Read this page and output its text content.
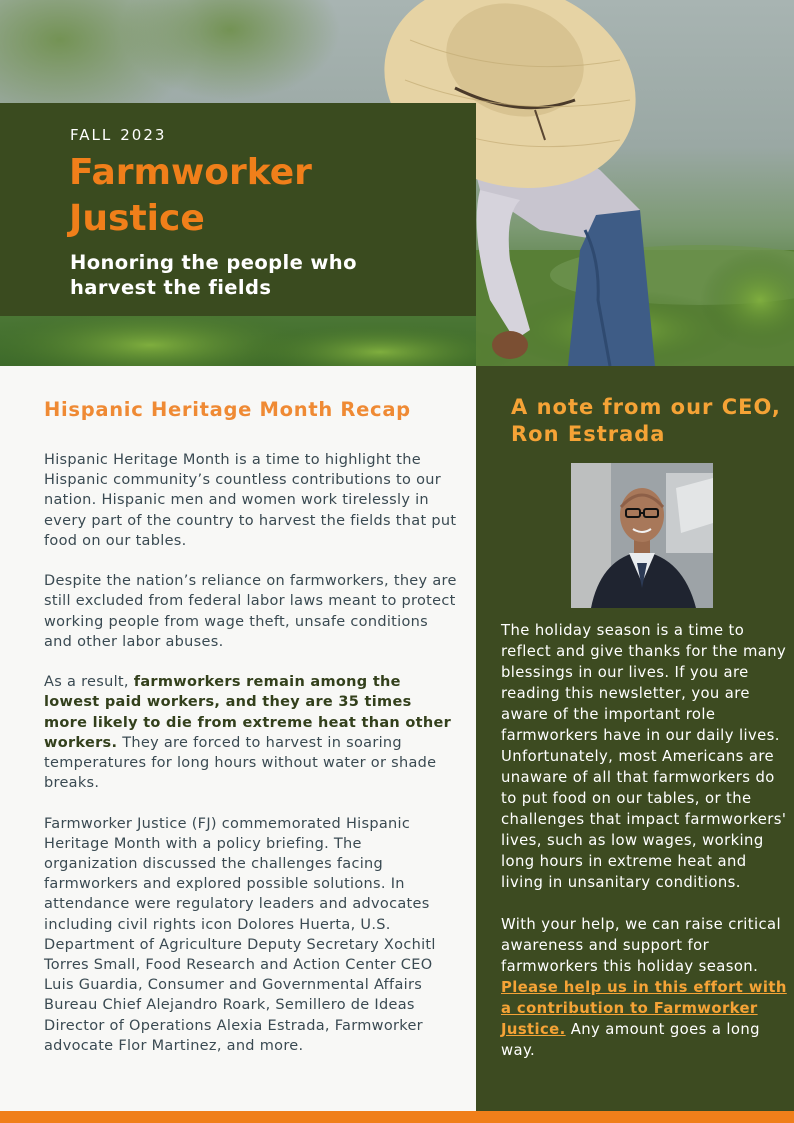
FALL 2023
Farmworker Justice
Honoring the people who harvest the fields
Hispanic Heritage Month Recap

Hispanic Heritage Month is a time to highlight the Hispanic community’s countless contributions to our nation. Hispanic men and women work tirelessly in every part of the country to harvest the fields that put food on our tables.

Despite the nation’s reliance on farmworkers, they are still excluded from federal labor laws meant to protect working people from wage theft, unsafe conditions and other labor abuses.

As a result, farmworkers remain among the lowest paid workers, and they are 35 times more likely to die from extreme heat than other workers. They are forced to harvest in soaring temperatures for long hours without water or shade breaks.

Farmworker Justice (FJ) commemorated Hispanic Heritage Month with a policy briefing. The organization discussed the challenges facing farmworkers and explored possible solutions. In attendance were regulatory leaders and advocates including civil rights icon Dolores Huerta, U.S. Department of Agriculture Deputy Secretary Xochitl Torres Small, Food Research and Action Center CEO Luis Guardia, Consumer and Governmental Affairs Bureau Chief Alejandro Roark, Semillero de Ideas Director of Operations Alexia Estrada, Farmworker advocate Flor Martinez, and more.

A note from our CEO, Ron Estrada

The holiday season is a time to reflect and give thanks for the many blessings in our lives. If you are reading this newsletter, you are aware of the important role farmworkers have in our daily lives. Unfortunately, most Americans are unaware of all that farmworkers do to put food on our tables, or the challenges that impact farmworkers' lives, such as low wages, working long hours in extreme heat and living in unsanitary conditions.

With your help, we can raise critical awareness and support for farmworkers this holiday season. Please help us in this effort with a contribution to Farmworker Justice. Any amount goes a long way.
